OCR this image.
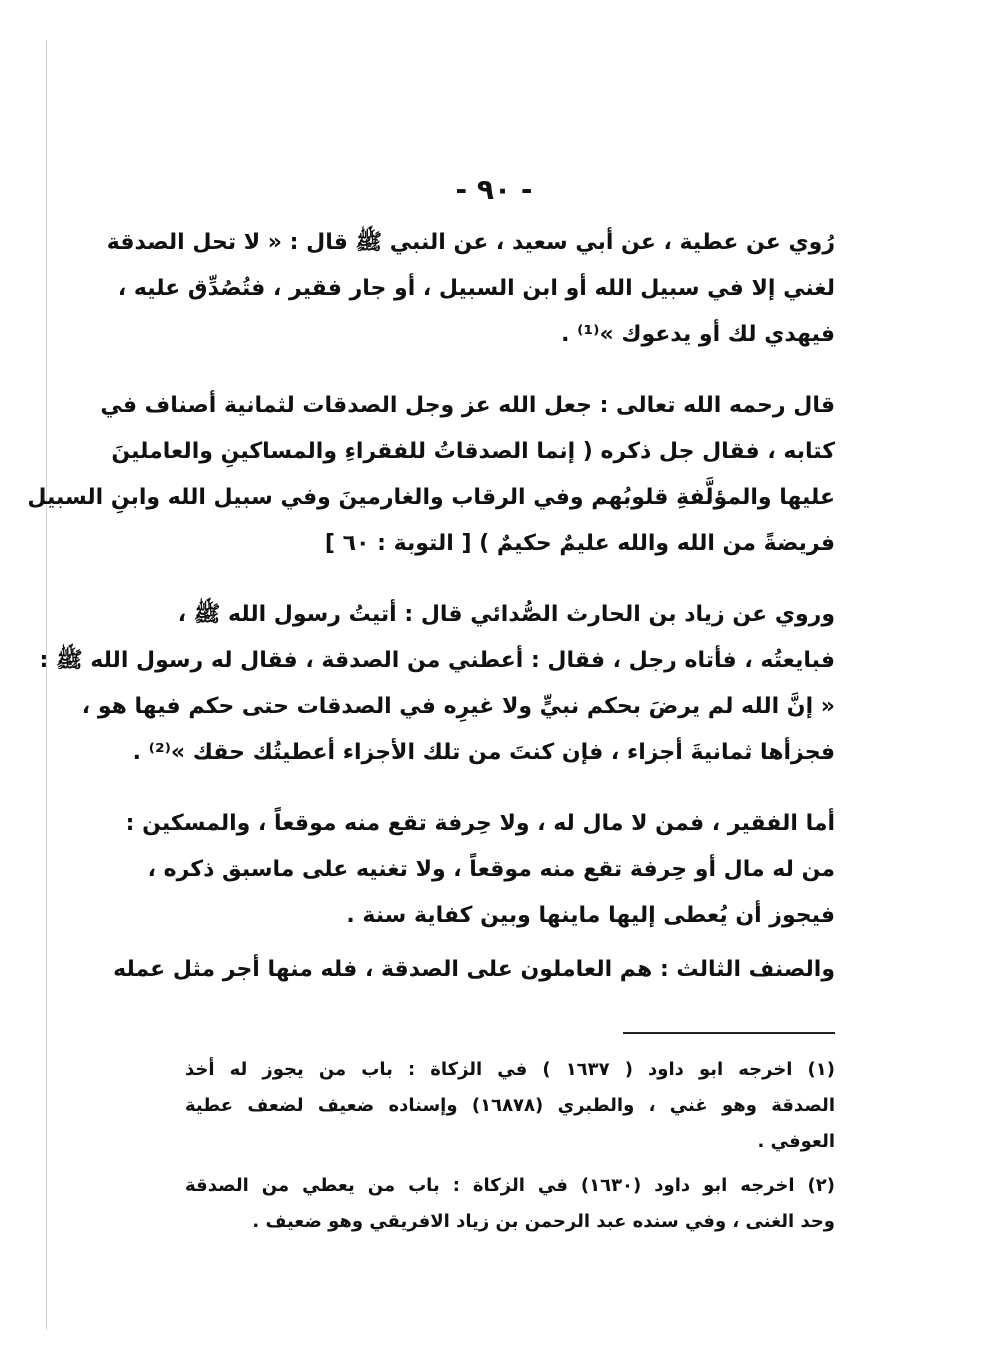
- ٩٠ -
رُوي عن عطية ، عن أبي سعيد ، عن النبي ﷺ قال : « لا تحل الصدقة
لغني إلا في سبيل الله أو ابن السبيل ، أو جار فقير ، فتُصُدِّق عليه ،
فيهدي لك أو يدعوك »⁽¹⁾ .
قال رحمه الله تعالى : جعل الله عز وجل الصدقات لثمانية أصناف في
كتابه ، فقال جل ذكره ( إنما الصدقاتُ للفقراءِ والمساكينِ والعاملينَ
عليها والمؤلَّفةِ قلوبُهم وفي الرقاب والغارمينَ وفي سبيل الله وابنِ السبيل
فريضةً من الله والله عليمٌ حكيمٌ ) [ التوبة : ٦٠ ]
وروي عن زياد بن الحارث الصُّدائي قال : أتيتُ رسول الله ﷺ ،
فبايعتُه ، فأتاه رجل ، فقال : أعطني من الصدقة ، فقال له رسول الله ﷺ :
« إنَّ الله لم يرضَ بحكم نبيٍّ ولا غيرِه في الصدقات حتى حكم فيها هو ،
فجزأها ثمانيةَ أجزاء ، فإن كنتَ من تلك الأجزاء أعطيتُك حقك »⁽²⁾ .
أما الفقير ، فمن لا مال له ، ولا حِرفة تقع منه موقعاً ، والمسكين :
من له مال أو حِرفة تقع منه موقعاً ، ولا تغنيه على ماسبق ذكره ،
فيجوز أن يُعطى إليها ماينها وبين كفاية سنة .
والصنف الثالث : هم العاملون على الصدقة ، فله منها أجر مثل عمله
(١) اخرجه ابو داود ( ١٦٣٧ ) في الزكاة : باب من يجوز له أخذ
الصدقة وهو غني ، والطبري (١٦٨٧٨) وإسناده ضعيف لضعف عطية
العوفي .
(٢) اخرجه ابو داود (١٦٣٠) في الزكاة : باب من يعطي من الصدقة
وحد الغنى ، وفي سنده عبد الرحمن بن زياد الافريقي وهو ضعيف .
